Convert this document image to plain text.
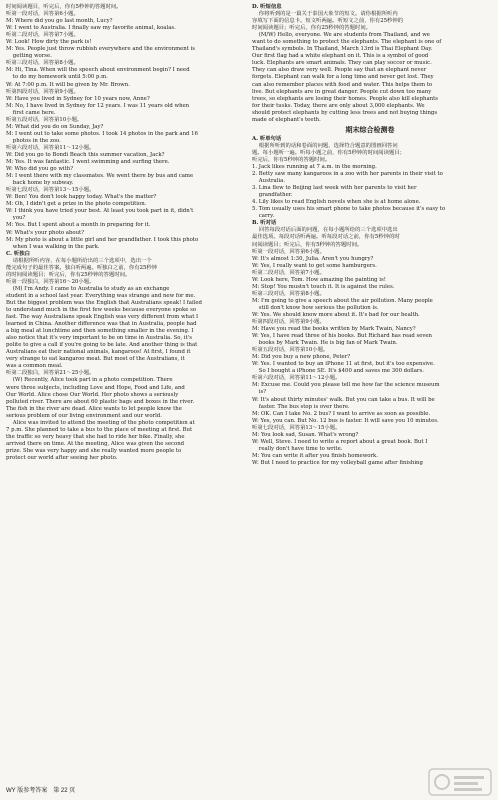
时间阅读题目，听完后，你有5秒钟的答题时间。

听第一段对话，回答第6小题。

M: Where did you go last month, Lucy?

W: I went to Australia. I finally saw my favorite animal, koalas.

听第二段对话，回答第7小题。

W: Look! How dirty the park is!

M: Yes. People just throw rubbish everywhere and the environment is

getting worse.

听第三段对话，回答第8小题。

M: Hi, Tina. When will the speech about environment begin? I need

to do my homework until 5:00 p.m.

W: At 7:00 p.m. It will be given by Mr. Brown.

听第四段对话，回答第9小题。

W: Have you lived in Sydney for 10 years now, Anne?

M: No, I have lived in Sydney for 12 years. I was 11 years old when

first came here.

听第五段对话，回答第10小题。

M: What did you do on Sunday, Jay?

M: I went out to take some photos. I took 14 photos in the park and 16

photos in the zoo.

听第六段对话，回答第11～12小题。

W: Did you go to Bondi Beach this summer vacation, Jack?

M: Yes. It was fantastic. I went swimming and surfing there.

W: Who did you go with?

M: I went there with my classmates. We went there by bus and came

back home by subway.

听第七段对话，回答第13～15小题。

W: Ben! You don't look happy today. What's the matter?

M: Oh, I didn't get a prize in the photo competition.

W: I think you have tried your best. At least you took part in it, didn't

you?

M: Yes. But I spent about a month in preparing for it.

W: What's your photo about?

M: My photo is about a little girl and her grandfather. I took this photo

when I was walking in the park.

C. 听独白

请根据所听内容，在每小题所给出的三个选项中，选出一个

能完成句子的最佳答案。独白听两遍。听独白之前，你有25秒钟

的时间阅读题目；听完后，你有25秒钟的答题时间。

听第一段独白，回答第16～20小题。

(M) I'm Andy. I came to Australia to study as an exchange

student in a school last year. Everything was strange and new for me.

But the biggest problem was the English that Australians speak! I failed

to understand much in the first few weeks because everyone spoke so

fast. The way Australians speak English was very different from what I

learned in China. Another difference was that in Australia, people had

a big meal at lunchtime and then something smaller in the evening. I

also notice that it's very important to be on time in Australia. So, it's

polite to give a call if you're going to be late. And another thing is that

Australians eat their national animals, kangaroos! At first, I found it

very strange to eat kangaroo meat. But most of the Australians, it

was a common meal.

听第二段独白，回答第21～25小题。

(W) Recently, Alice took part in a photo competition. There

were three subjects, including Love and Hope, Food and Life, and

Our World. Alice chose Our World. Her photo shows a seriously

polluted river. There are about 60 plastic bags and boxes in the river.

The fish in the river are dead. Alice wants to let people know the

serious problem of our living environment and our world.

Alice was invited to attend the meeting of the photo competition at

7 p.m. She planned to take a bus to the place of meeting at first. But

the traffic so very heavy that she had to ride her bike. Finally, she

arrived there on time. At the meeting, Alice was given the second

prize. She was very happy and she really wanted more people to

protect our world after seeing her photo.

D. 听短信息

你将听到的是一篇关于泰国大象节的短文。请你根据所听内

容填写下面的信息卡。短文听两遍。听短文之前，你有25秒钟的

时间阅读题目；听完后，你有25秒钟的答题时间。

(M/W) Hello, everyone. We are students from Thailand, and we

want to do something to protect the elephants. The elephant is one of

Thailand's symbols. In Thailand, March 13rd is Thai Elephant Day.

Our first flag had a white elephant on it. This is a symbol of good

luck. Elephants are smart animals. They can play soccer or music.

They can also draw very well. People say that an elephant never

forgets. Elephant can walk for a long time and never get lost. They

can also remember places with food and water. This helps them to

live. But elephants are in great danger. People cut down too many

trees, so elephants are losing their homes. People also kill elephants

for their tusks. Today, there are only about 3,000 elephants. We

should protect elephants by cutting less trees and not buying things

made of elephant's teeth.

期末综合检测卷

A. 听单句话

根据所听到的话和卷面的问题，选择符合题意的图画回答问

题。每小题听一遍。听每小题之前，你有5秒钟的时间阅读题目；

听完后，你有5秒钟的答题时间。

1. Jack likes running at 7 a.m. in the morning.

2. Betty saw many kangaroos in a zoo with her parents in their visit to

Australia.

3. Lina flew to Beijing last week with her parents to visit her

grandfather.

4. Lily likes to read English novels when she is at home alone.

5. Tom usually uses his smart phone to take photos because it's easy to

carry.

B. 听对话

回答每段对话后面的问题，在每小题所给的三个选项中选出

最佳选项。每段对话听两遍。听每段对话之前，你有5秒钟的时

间阅读题目；听完后，你有5秒钟的答题时间。

听第一段对话，回答第6小题。

W: It's almost 1:30, Julia. Aren't you hungry?

W: Yes, I really want to get some hamburgers.

听第二段对话，回答第7小题。

W: Look here, Tom. How amazing the painting is!

M: Stop! You mustn't touch it. It is against the rules.

听第三段对话，回答第8小题。

M: I'm going to give a speech about the air pollution. Many people

still don't know how serious the pollution is.

W: Yes. We should know more about it. It's bad for our health.

听第四段对话，回答第9小题。

M: Have you read the books written by Mark Twain, Nancy?

W: Yes, I have read three of his books. But Richard has read seven

books by Mark Twain. He is big fan of Mark Twain.

听第五段对话，回答第10小题。

M: Did you buy a new phone, Peter?

W: Yes. I wanted to buy an iPhone 11 at first, but it's too expensive.

So I bought a iPhone SE. It's $400 and saves me 300 dollars.

听第六段对话，回答第11～12小题。

M: Excuse me. Could you please tell me how far the science museum

is?

W: It's about thirty minutes' walk. But you can take a bus. It will be

faster. The bus stop is over there.

M: OK. Can I take No. 2 bus? I want to arrive as soon as possible.

W: Yes, you can. But No. 12 bus is faster. It will save you 10 minutes.

听第七段对话，回答第13～15小题。

M: You look sad, Susan. What's wrong?

W: Well, Steve. I need to write a report about a great book. But I

really don't have time to write.

M: You can write it after you finish homework.

W: But I need to practice for my volleyball game after finishing

WY 版参考答案　第 22 页
